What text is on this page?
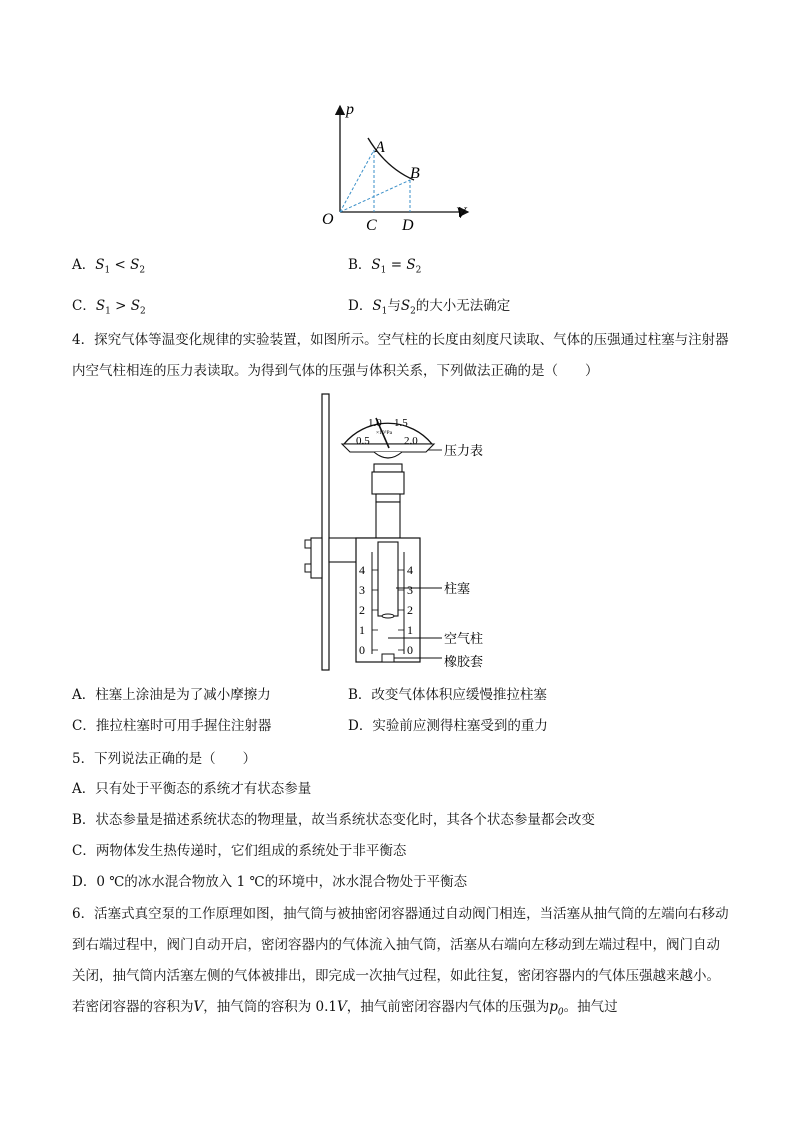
p
V
O
A
B
C D
A．$S_1 < S_2$	B．$S_1 = S_2$
C．$S_1 > S_2$	D．$S_1$与$S_2$的大小无法确定
4．探究气体等温变化规律的实验装置，如图所示。空气柱的长度由刻度尺读取、气体的压强通过柱塞与注射器内空气柱相连的压力表读取。为得到气体的压强与体积关系，下列做法正确的是（　　）
0.5
1.0 1.5
2.0
×10⁵Pa
4
3
2
1
0
4
3
2
1
0
压力表
柱塞
空气柱
橡胶套
A．柱塞上涂油是为了减小摩擦力	B．改变气体体积应缓慢推拉柱塞
C．推拉柱塞时可用手握住注射器	D．实验前应测得柱塞受到的重力
5．下列说法正确的是（　　）
A．只有处于平衡态的系统才有状态参量
B．状态参量是描述系统状态的物理量，故当系统状态变化时，其各个状态参量都会改变
C．两物体发生热传递时，它们组成的系统处于非平衡态
D．0 ℃的冰水混合物放入 1 ℃的环境中，冰水混合物处于平衡态
6．活塞式真空泵的工作原理如图，抽气筒与被抽密闭容器通过自动阀门相连，当活塞从抽气筒的左端向右移动到右端过程中，阀门自动开启，密闭容器内的气体流入抽气筒，活塞从右端向左移动到左端过程中，阀门自动关闭，抽气筒内活塞左侧的气体被排出，即完成一次抽气过程，如此往复，密闭容器内的气体压强越来越小。若密闭容器的容积为V，抽气筒的容积为 0.1V，抽气前密闭容器内气体的压强为$p_0$。抽气过
